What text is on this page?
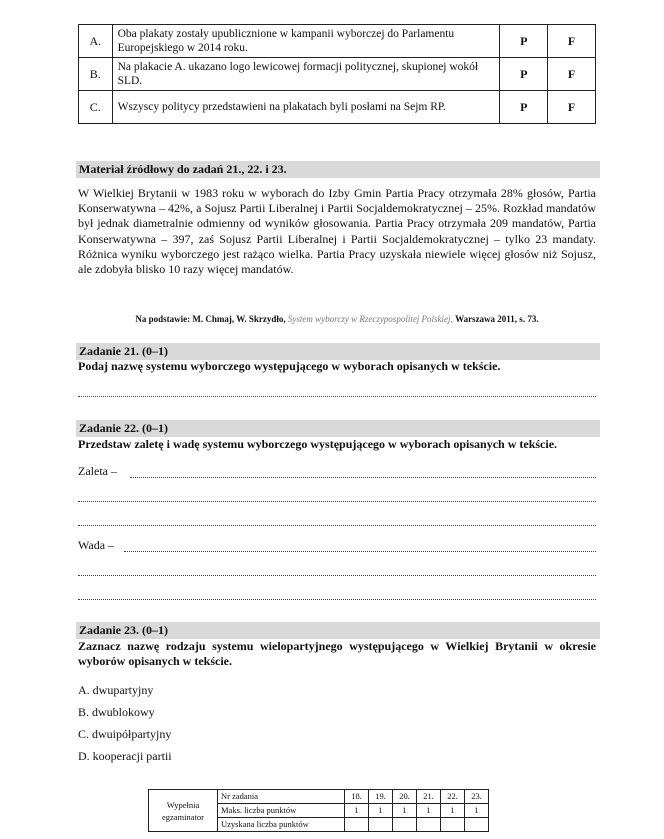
A.	Oba plakaty zostały upublicznione w kampanii wyborczej do Parlamentu Europejskiego w 2014 roku.	P	F
B.	Na plakacie A. ukazano logo lewicowej formacji politycznej, skupionej wokół SLD.	P	F
C.	Wszyscy politycy przedstawieni na plakatach byli posłami na Sejm RP.	P	F
Materiał źródłowy do zadań 21., 22. i 23.
W Wielkiej Brytanii w 1983 roku w wyborach do Izby Gmin Partia Pracy otrzymała 28% głosów, Partia Konserwatywna – 42%, a Sojusz Partii Liberalnej i Partii Socjaldemokratycznej – 25%. Rozkład mandatów był jednak diametralnie odmienny od wyników głosowania. Partia Pracy otrzymała 209 mandatów, Partia Konserwatywna – 397, zaś Sojusz Partii Liberalnej i Partii Socjaldemokratycznej – tylko 23 mandaty. Różnica wyniku wyborczego jest rażąco wielka. Partia Pracy uzyskała niewiele więcej głosów niż Sojusz, ale zdobyła blisko 10 razy więcej mandatów.
Na podstawie: M. Chmaj, W. Skrzydło, System wyborczy w Rzeczypospolitej Polskiej, Warszawa 2011, s. 73.
Zadanie 21. (0–1)
Podaj nazwę systemu wyborczego występującego w wyborach opisanych w tekście.
Zadanie 22. (0–1)
Przedstaw zaletę i wadę systemu wyborczego występującego w wyborach opisanych w tekście.
Zaleta –
Wada –
Zadanie 23. (0–1)
Zaznacz nazwę rodzaju systemu wielopartyjnego występującego w Wielkiej Brytanii w okresie wyborów opisanych w tekście.
A. dwupartyjny
B. dwublokowy
C. dwuipółpartyjny
D. kooperacji partii
Wypełnia egzaminator	Nr zadania	18.	19.	20.	21.	22.	23.
	Maks. liczba punktów	1	1	1	1	1	1
	Uzyskana liczba punktów						
